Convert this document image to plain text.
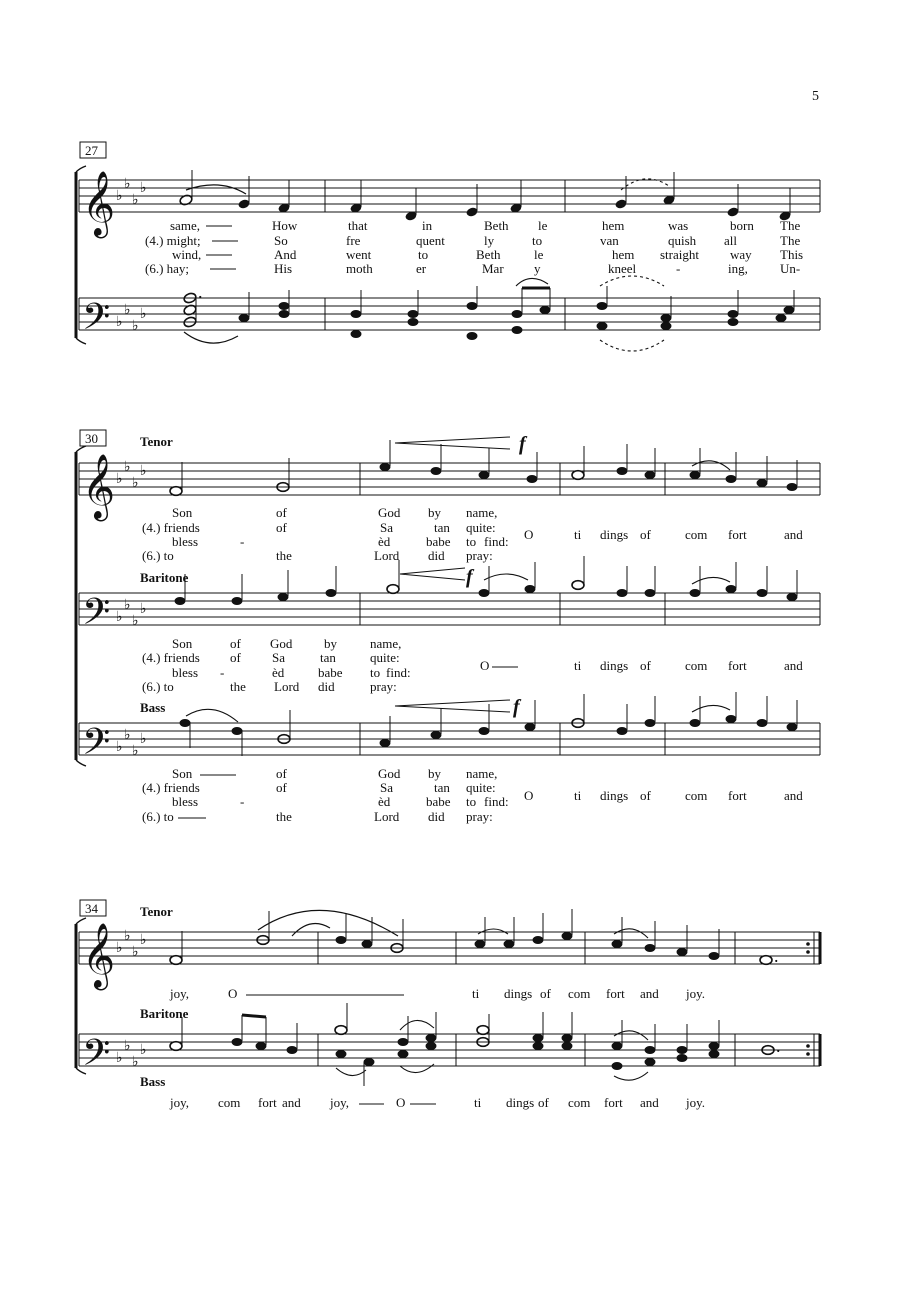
5
27
𝄞
𝄢
♭
♭
♭
♭
♭
♭
♭
♭
.
same,	How	that	in	Beth le	hem	was	born The
(4.) might;	So	fre	quent	ly	to	van	quish all	The
wind,	And	went	to	Beth	le	hem straight way This
(6.) hay;	His	moth	er	Mar y	kneel	-	ing, Un-
30	Tenor
Baritone
Bass
𝄞
𝄢
𝄢
♭
♭
♭
♭
♭
♭
♭
♭
♭
♭
♭
♭
f
f
f
Son	of	God by name,
(4.) friends	of	Sa	tan quite:
bless	-	èd	babe to find:
(6.) to	the	Lord did pray:
O	ti dings of	com fort	and
Son	of God by	name,
(4.) friends of Sa	tan	quite:
bless -	èd	babe to find:
(6.) to	the Lord did	pray:
O	ti dings of	com fort	and
Son	of	God by name,
(4.) friends	of	Sa	tan quite:
bless	-	èd	babe to find:
(6.) to	the	Lord did pray:
O	ti dings of	com fort	and
34	Tenor
Baritone
Bass
𝄞
𝄢
♭
♭
♭
♭
♭
♭
♭
♭
.
.
joy,	O	ti dings of com fort and joy.
joy, com fort and joy,	O	ti dings of com fort and joy.
